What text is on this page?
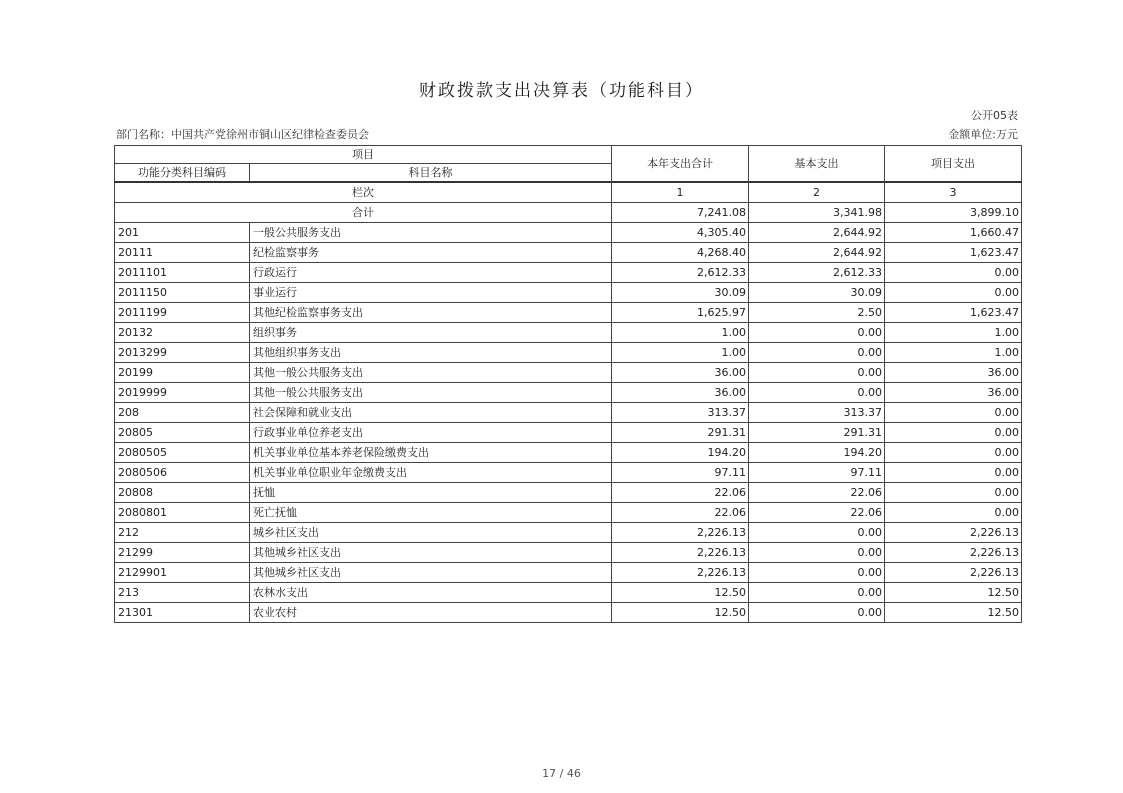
财政拨款支出决算表（功能科目）
公开05表
部门名称：中国共产党徐州市铜山区纪律检查委员会	金额单位:万元
项目		本年支出合计	基本支出	项目支出
功能分类科目编码	科目名称			
栏次		1	2	3
合计		7,241.08	3,341.98	3,899.10
201	一般公共服务支出	4,305.40	2,644.92	1,660.47
20111	纪检监察事务	4,268.40	2,644.92	1,623.47
2011101	行政运行	2,612.33	2,612.33	0.00
2011150	事业运行	30.09	30.09	0.00
2011199	其他纪检监察事务支出	1,625.97	2.50	1,623.47
20132	组织事务	1.00	0.00	1.00
2013299	其他组织事务支出	1.00	0.00	1.00
20199	其他一般公共服务支出	36.00	0.00	36.00
2019999	其他一般公共服务支出	36.00	0.00	36.00
208	社会保障和就业支出	313.37	313.37	0.00
20805	行政事业单位养老支出	291.31	291.31	0.00
2080505	机关事业单位基本养老保险缴费支出	194.20	194.20	0.00
2080506	机关事业单位职业年金缴费支出	97.11	97.11	0.00
20808	抚恤	22.06	22.06	0.00
2080801	死亡抚恤	22.06	22.06	0.00
212	城乡社区支出	2,226.13	0.00	2,226.13
21299	其他城乡社区支出	2,226.13	0.00	2,226.13
2129901	其他城乡社区支出	2,226.13	0.00	2,226.13
213	农林水支出	12.50	0.00	12.50
21301	农业农村	12.50	0.00	12.50
17 / 46
